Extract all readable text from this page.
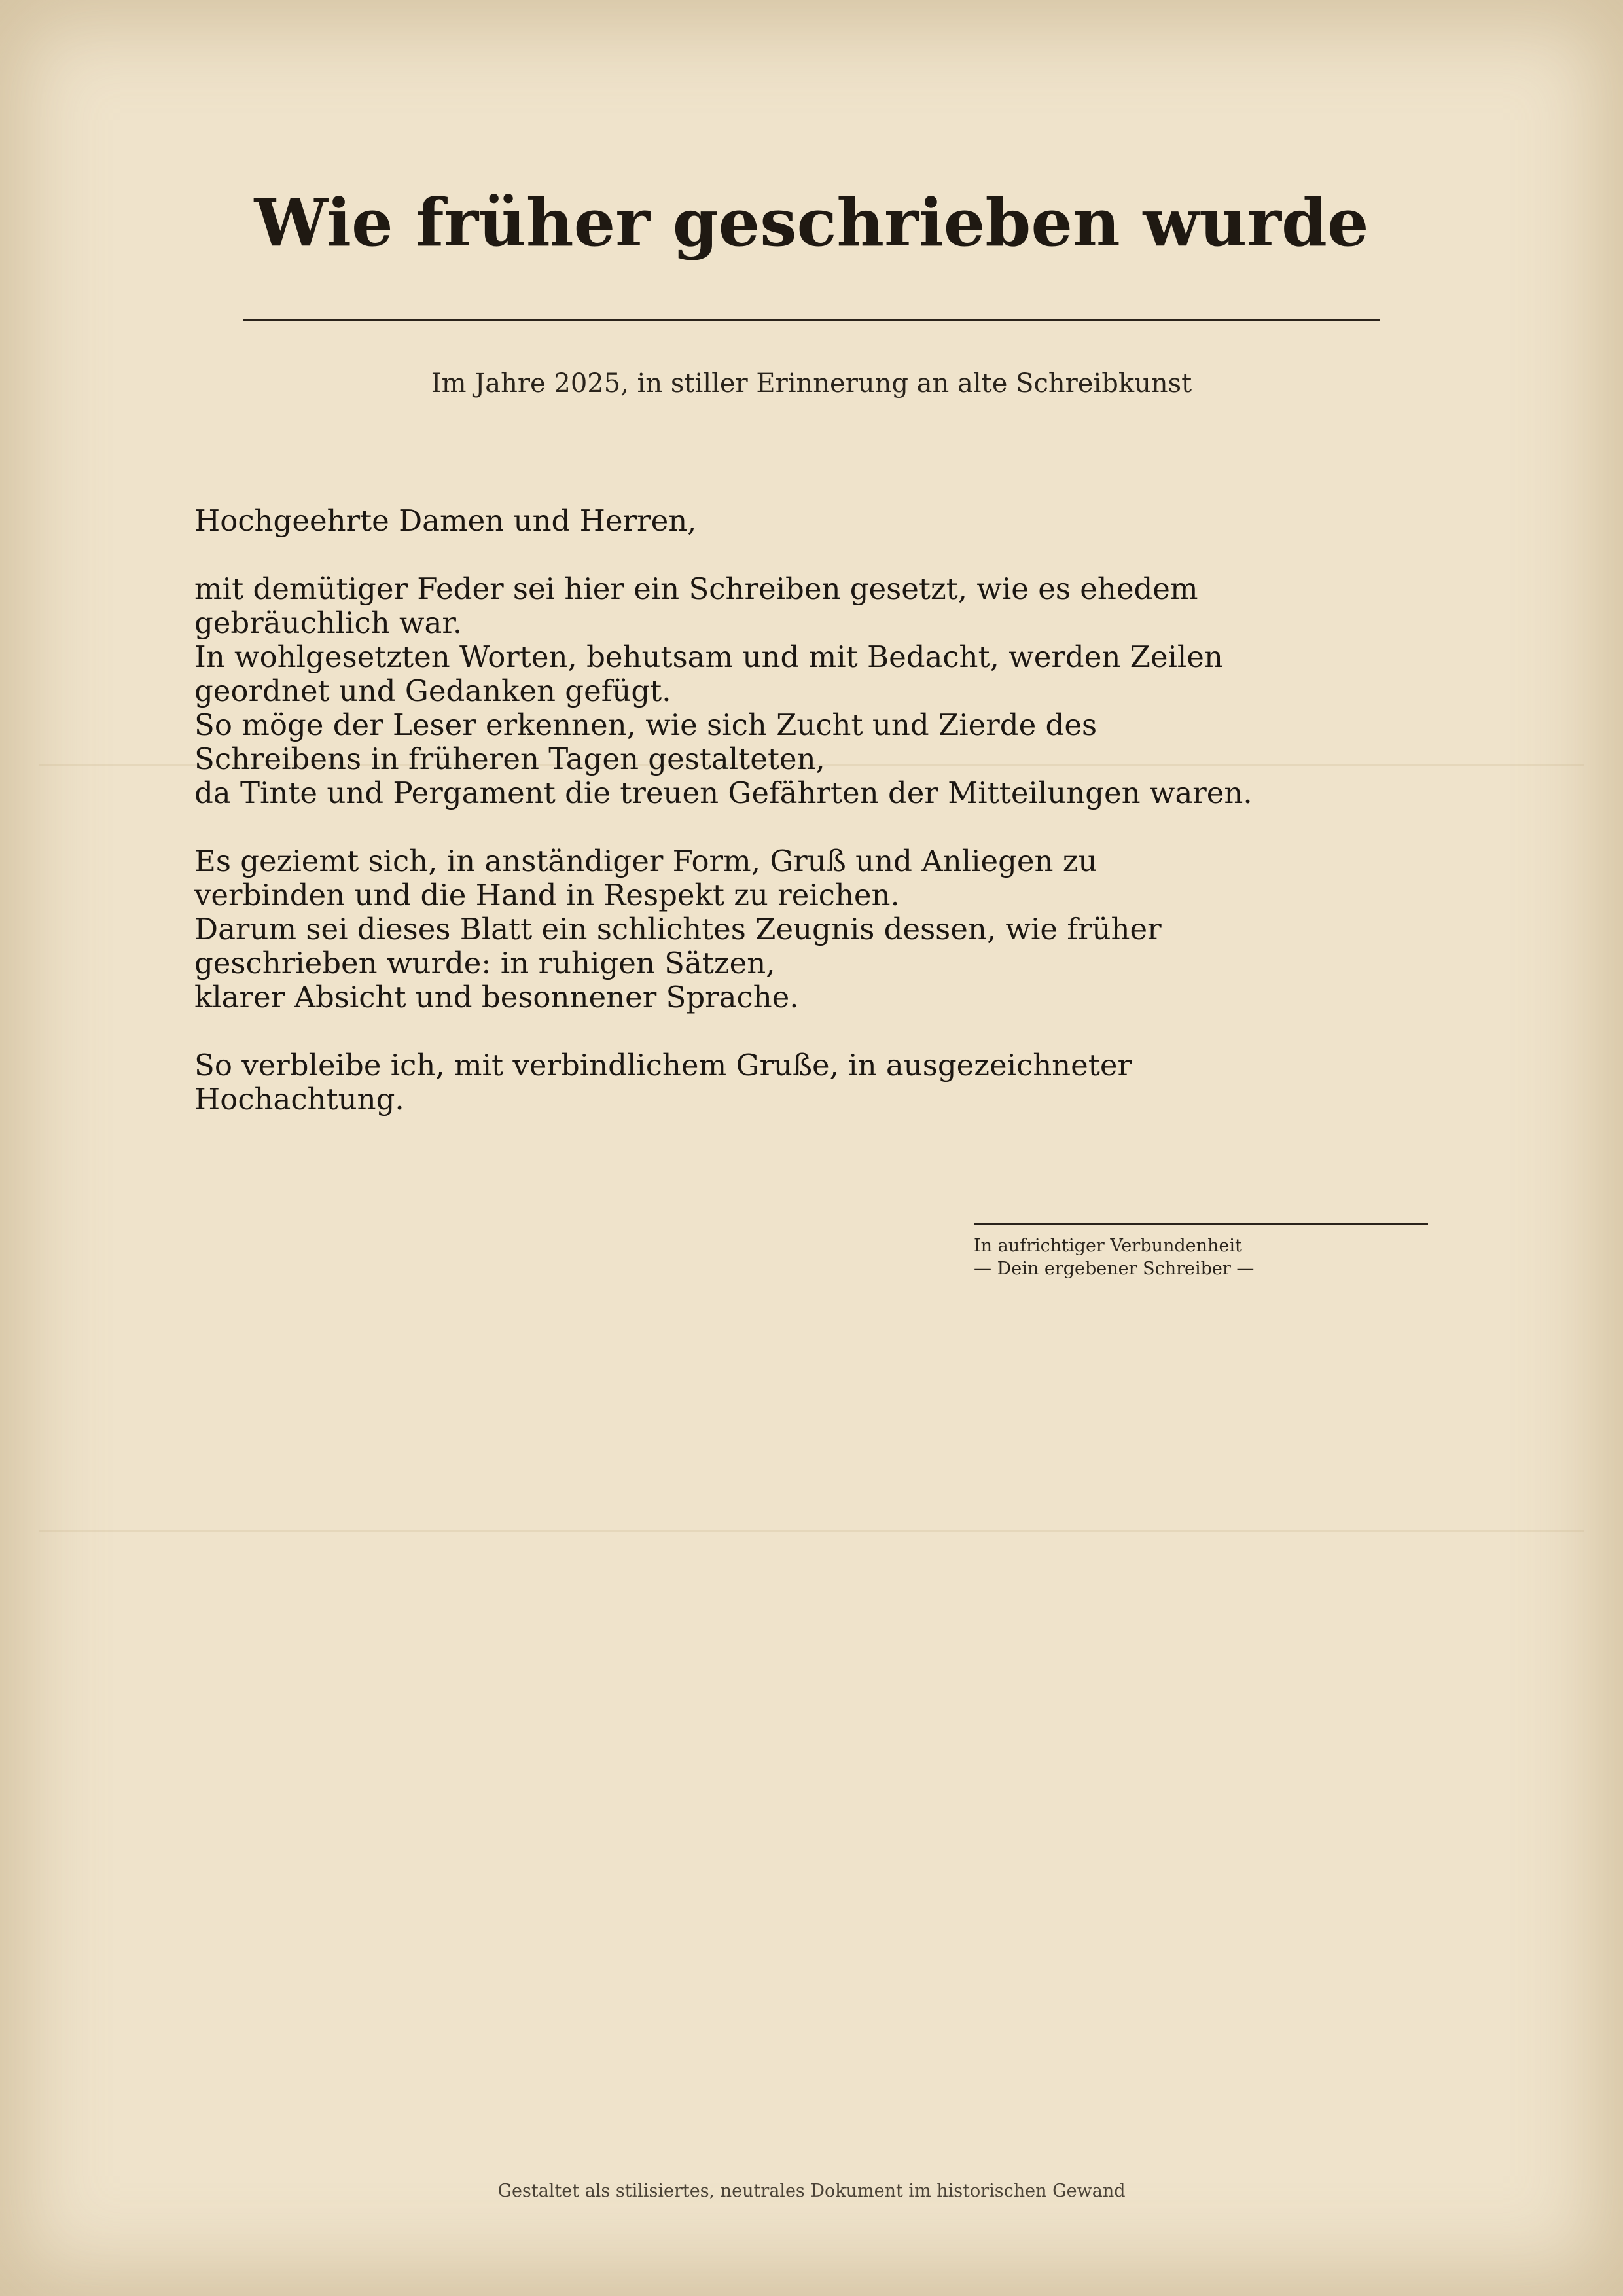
Wie früher geschrieben wurde
Im Jahre 2025, in stiller Erinnerung an alte Schreibkunst

Hochgeehrte Damen und Herren,

mit demütiger Feder sei hier ein Schreiben gesetzt, wie es ehedem gebräuchlich war.

In wohlgesetzten Worten, behutsam und mit Bedacht, werden Zeilen geordnet und Gedanken gefügt.

So möge der Leser erkennen, wie sich Zucht und Zierde des Schreibens in früheren Tagen gestalteten,

da Tinte und Pergament die treuen Gefährten der Mitteilungen waren.

Es geziemt sich, in anständiger Form, Gruß und Anliegen zu verbinden und die Hand in Respekt zu reichen.

Darum sei dieses Blatt ein schlichtes Zeugnis dessen, wie früher geschrieben wurde: in ruhigen Sätzen,

klarer Absicht und besonnener Sprache.

So verbleibe ich, mit verbindlichem Gruße, in ausgezeichneter Hochachtung.

In aufrichtiger Verbundenheit
— Dein ergebener Schreiber —
Gestaltet als stilisiertes, neutrales Dokument im historischen Gewand
